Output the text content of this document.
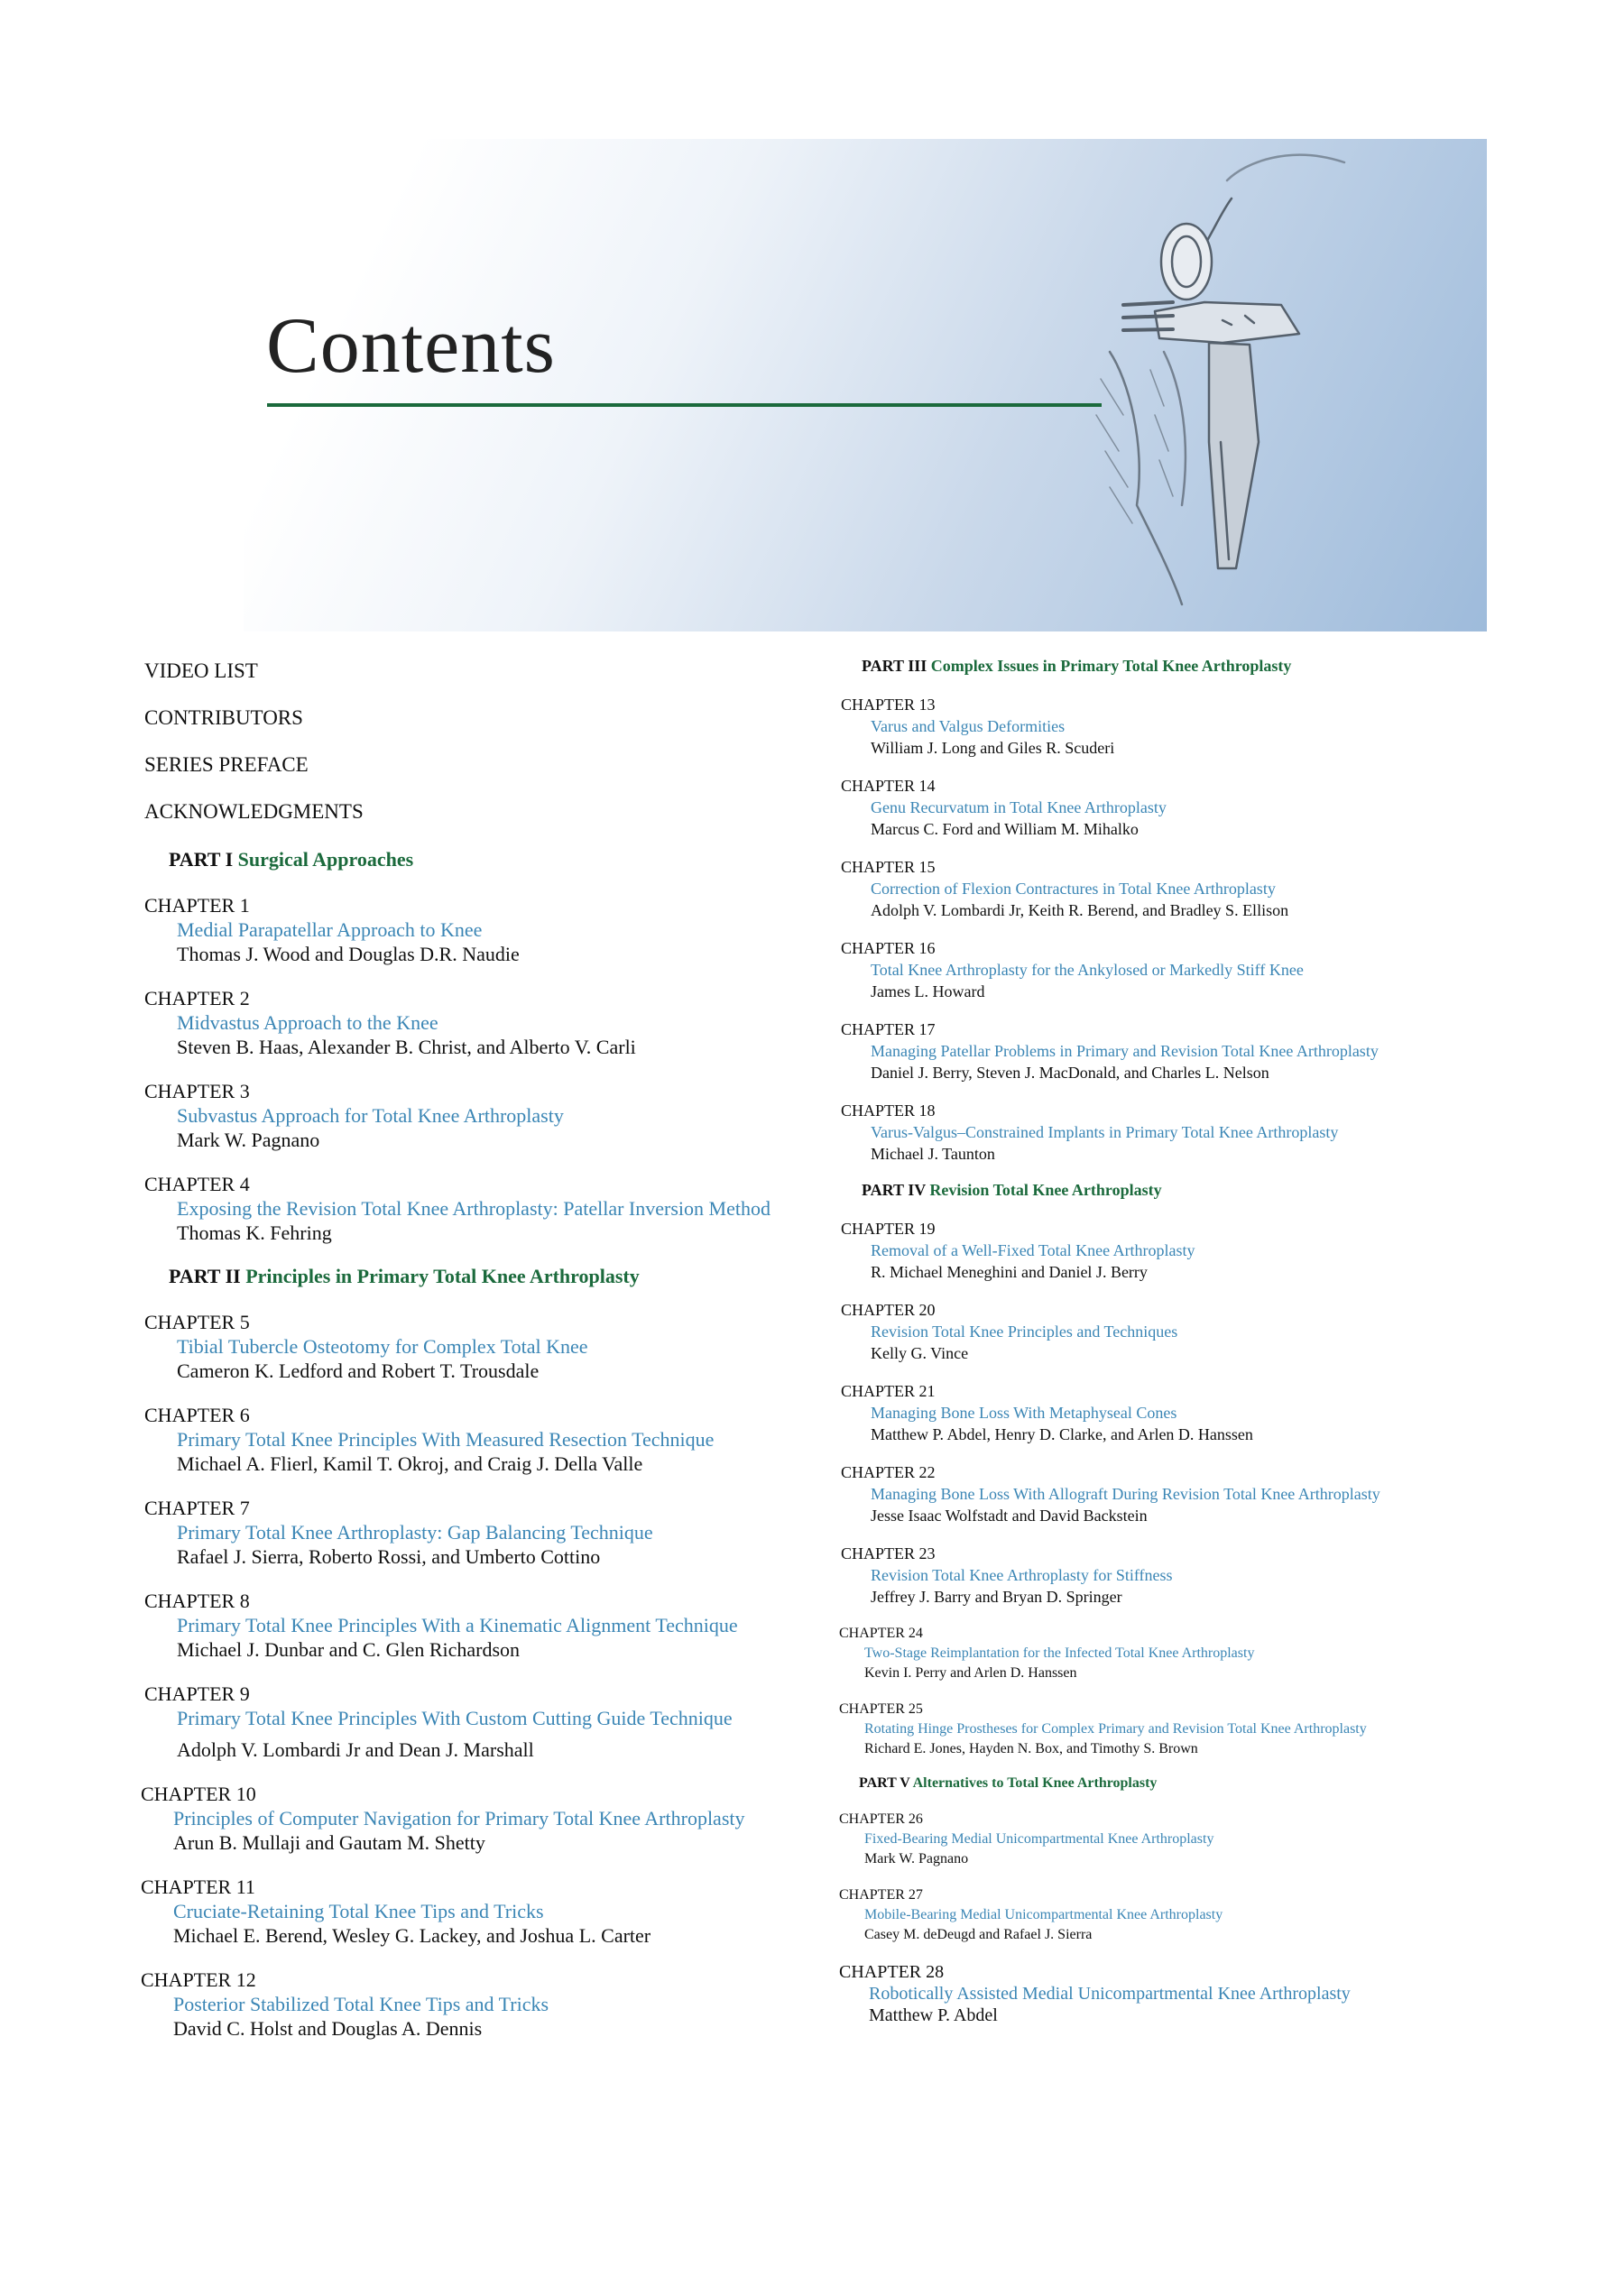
Contents
VIDEO LIST
CONTRIBUTORS
SERIES PREFACE
ACKNOWLEDGMENTS
PART I Surgical Approaches
CHAPTER 1
Medial Parapatellar Approach to Knee
Thomas J. Wood and Douglas D.R. Naudie
CHAPTER 2
Midvastus Approach to the Knee
Steven B. Haas, Alexander B. Christ, and Alberto V. Carli
CHAPTER 3
Subvastus Approach for Total Knee Arthroplasty
Mark W. Pagnano
CHAPTER 4
Exposing the Revision Total Knee Arthroplasty: Patellar Inversion Method Thomas K. Fehring
PART II Principles in Primary Total Knee Arthroplasty
CHAPTER 5
Tibial Tubercle Osteotomy for Complex Total Knee
Cameron K. Ledford and Robert T. Trousdale
CHAPTER 6
Primary Total Knee Principles With Measured Resection Technique
Michael A. Flierl, Kamil T. Okroj, and Craig J. Della Valle
CHAPTER 7
Primary Total Knee Arthroplasty: Gap Balancing Technique
Rafael J. Sierra, Roberto Rossi, and Umberto Cottino
CHAPTER 8
Primary Total Knee Principles With a Kinematic Alignment Technique
Michael J. Dunbar and C. Glen Richardson
CHAPTER 9
Primary Total Knee Principles With Custom Cutting Guide Technique
Adolph V. Lombardi Jr and Dean J. Marshall
CHAPTER 10
Principles of Computer Navigation for Primary Total Knee Arthroplasty
Arun B. Mullaji and Gautam M. Shetty
CHAPTER 11
Cruciate-Retaining Total Knee Tips and Tricks
Michael E. Berend, Wesley G. Lackey, and Joshua L. Carter
CHAPTER 12
Posterior Stabilized Total Knee Tips and Tricks
David C. Holst and Douglas A. Dennis
PART III Complex Issues in Primary Total Knee Arthroplasty
CHAPTER 13
Varus and Valgus Deformities
William J. Long and Giles R. Scuderi
CHAPTER 14
Genu Recurvatum in Total Knee Arthroplasty
Marcus C. Ford and William M. Mihalko
CHAPTER 15
Correction of Flexion Contractures in Total Knee Arthroplasty
Adolph V. Lombardi Jr, Keith R. Berend, and Bradley S. Ellison
CHAPTER 16
Total Knee Arthroplasty for the Ankylosed or Markedly Stiff Knee
James L. Howard
CHAPTER 17
Managing Patellar Problems in Primary and Revision Total Knee Arthroplasty
Daniel J. Berry, Steven J. MacDonald, and Charles L. Nelson
CHAPTER 18
Varus-Valgus–Constrained Implants in Primary Total Knee Arthroplasty
Michael J. Taunton
PART IV Revision Total Knee Arthroplasty
CHAPTER 19
Removal of a Well-Fixed Total Knee Arthroplasty
R. Michael Meneghini and Daniel J. Berry
CHAPTER 20
Revision Total Knee Principles and Techniques
Kelly G. Vince
CHAPTER 21
Managing Bone Loss With Metaphyseal Cones
Matthew P. Abdel, Henry D. Clarke, and Arlen D. Hanssen
CHAPTER 22
Managing Bone Loss With Allograft During Revision Total Knee Arthroplasty
Jesse Isaac Wolfstadt and David Backstein
CHAPTER 23
Revision Total Knee Arthroplasty for Stiffness
Jeffrey J. Barry and Bryan D. Springer
CHAPTER 24
Two-Stage Reimplantation for the Infected Total Knee Arthroplasty
Kevin I. Perry and Arlen D. Hanssen
CHAPTER 25
Rotating Hinge Prostheses for Complex Primary and Revision Total Knee Arthroplasty
Richard E. Jones, Hayden N. Box, and Timothy S. Brown
PART V Alternatives to Total Knee Arthroplasty
CHAPTER 26
Fixed-Bearing Medial Unicompartmental Knee Arthroplasty
Mark W. Pagnano
CHAPTER 27
Mobile-Bearing Medial Unicompartmental Knee Arthroplasty
Casey M. deDeugd and Rafael J. Sierra
CHAPTER 28
Robotically Assisted Medial Unicompartmental Knee Arthroplasty
Matthew P. Abdel
